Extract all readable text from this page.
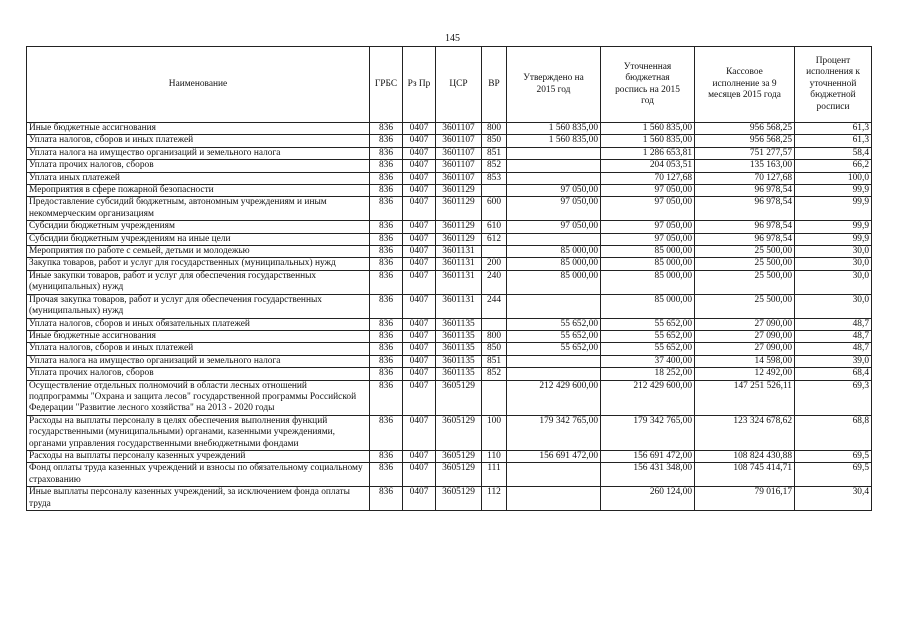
145
Наименование	ГРБС	Рз Пр	ЦСР	ВР	Утверждено на 2015 год	Уточненная бюджетная роспись на 2015 год	Кассовое исполнение за 9 месяцев 2015 года	Процент исполнения к уточненной бюджетной росписи
Иные бюджетные ассигнования	836	0407	3601107	800	1 560 835,00	1 560 835,00	956 568,25	61,3
Уплата налогов, сборов и иных платежей	836	0407	3601107	850	1 560 835,00	1 560 835,00	956 568,25	61,3
Уплата налога на имущество организаций и земельного налога	836	0407	3601107	851		1 286 653,81	751 277,57	58,4
Уплата прочих налогов, сборов	836	0407	3601107	852		204 053,51	135 163,00	66,2
Уплата иных платежей	836	0407	3601107	853		70 127,68	70 127,68	100,0
Мероприятия в сфере пожарной безопасности	836	0407	3601129		97 050,00	97 050,00	96 978,54	99,9
Предоставление субсидий бюджетным, автономным учреждениям и иным некоммерческим организациям	836	0407	3601129	600	97 050,00	97 050,00	96 978,54	99,9
Субсидии бюджетным учреждениям	836	0407	3601129	610	97 050,00	97 050,00	96 978,54	99,9
Субсидии бюджетным учреждениям на иные цели	836	0407	3601129	612		97 050,00	96 978,54	99,9
Мероприятия по работе с семьей, детьми и молодежью	836	0407	3601131		85 000,00	85 000,00	25 500,00	30,0
Закупка товаров, работ и услуг для государственных (муниципальных) нужд	836	0407	3601131	200	85 000,00	85 000,00	25 500,00	30,0
Иные закупки товаров, работ и услуг для обеспечения государственных (муниципальных) нужд	836	0407	3601131	240	85 000,00	85 000,00	25 500,00	30,0
Прочая закупка товаров, работ и услуг для обеспечения государственных (муниципальных) нужд	836	0407	3601131	244		85 000,00	25 500,00	30,0
Уплата налогов, сборов и иных обязательных платежей	836	0407	3601135		55 652,00	55 652,00	27 090,00	48,7
Иные бюджетные ассигнования	836	0407	3601135	800	55 652,00	55 652,00	27 090,00	48,7
Уплата налогов, сборов и иных платежей	836	0407	3601135	850	55 652,00	55 652,00	27 090,00	48,7
Уплата налога на имущество организаций и земельного налога	836	0407	3601135	851		37 400,00	14 598,00	39,0
Уплата прочих налогов, сборов	836	0407	3601135	852		18 252,00	12 492,00	68,4
Осуществление отдельных полномочий в области лесных отношений подпрограммы "Охрана и защита лесов" государственной программы Российской Федерации "Развитие лесного хозяйства" на 2013 - 2020 годы	836	0407	3605129		212 429 600,00	212 429 600,00	147 251 526,11	69,3
Расходы на выплаты персоналу в целях обеспечения выполнения функций государственными (муниципальными) органами, казенными учреждениями, органами управления государственными внебюджетными фондами	836	0407	3605129	100	179 342 765,00	179 342 765,00	123 324 678,62	68,8
Расходы на выплаты персоналу казенных учреждений	836	0407	3605129	110	156 691 472,00	156 691 472,00	108 824 430,88	69,5
Фонд оплаты труда казенных учреждений и взносы по обязательному социальному страхованию	836	0407	3605129	111		156 431 348,00	108 745 414,71	69,5
Иные выплаты персоналу казенных учреждений, за исключением фонда оплаты труда	836	0407	3605129	112		260 124,00	79 016,17	30,4
